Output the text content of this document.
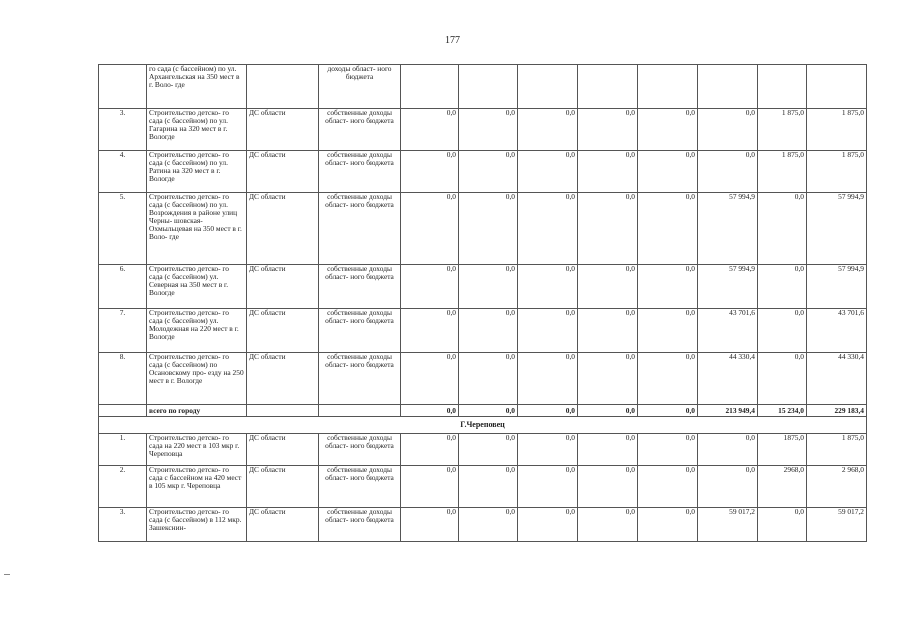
177
	го сада (с бассейном) по ул. Архангельская на 350 мест в г. Воло- где		доходы област- ного бюджета								
3.	Строительство детско- го сада (с бассейном) по ул. Гагарина на 320 мест в г. Вологде	ДС области	собственные доходы област- ного бюджета	0,0	0,0	0,0	0,0	0,0	0,0	1 875,0	1 875,0
4.	Строительство детско- го сада (с бассейном) по ул. Ратина на 320 мест в г. Вологде	ДС области	собственные доходы област- ного бюджета	0,0	0,0	0,0	0,0	0,0	0,0	1 875,0	1 875,0
5.	Строительство детско- го сада (с бассейном) по ул. Возрождения в районе улиц Черны- шовская-Охмыльцевая на 350 мест в г. Воло- где	ДС области	собственные доходы област- ного бюджета	0,0	0,0	0,0	0,0	0,0	57 994,9	0,0	57 994,9
6.	Строительство детско- го сада (с бассейном) ул. Северная на 350 мест в г. Вологде	ДС области	собственные доходы област- ного бюджета	0,0	0,0	0,0	0,0	0,0	57 994,9	0,0	57 994,9
7.	Строительство детско- го сада (с бассейном) ул. Молодежная на 220 мест в г. Вологде	ДС области	собственные доходы област- ного бюджета	0,0	0,0	0,0	0,0	0,0	43 701,6	0,0	43 701,6
8.	Строительство детско- го сада (с бассейном) по Осановскому про- езду на 250 мест в г. Вологде	ДС области	собственные доходы област- ного бюджета	0,0	0,0	0,0	0,0	0,0	44 330,4	0,0	44 330,4
	всего по городу			0,0	0,0	0,0	0,0	0,0	213 949,4	15 234,0	229 183,4
Г.Череповец											
1.	Строительство детско- го сада на 220 мест в 103 мкр г. Череповца	ДС области	собственные доходы област- ного бюджета	0,0	0,0	0,0	0,0	0,0	0,0	1875,0	1 875,0
2.	Строительство детско- го сада с бассейном на 420 мест в 105 мкр г. Череповца	ДС области	собственные доходы област- ного бюджета	0,0	0,0	0,0	0,0	0,0	0,0	2968,0	2 968,0
3.	Строительство детско- го сада (с бассейном) в 112 мкр. Зашекснин-	ДС области	собственные доходы област- ного бюджета	0,0	0,0	0,0	0,0	0,0	59 017,2	0,0	59 017,2
